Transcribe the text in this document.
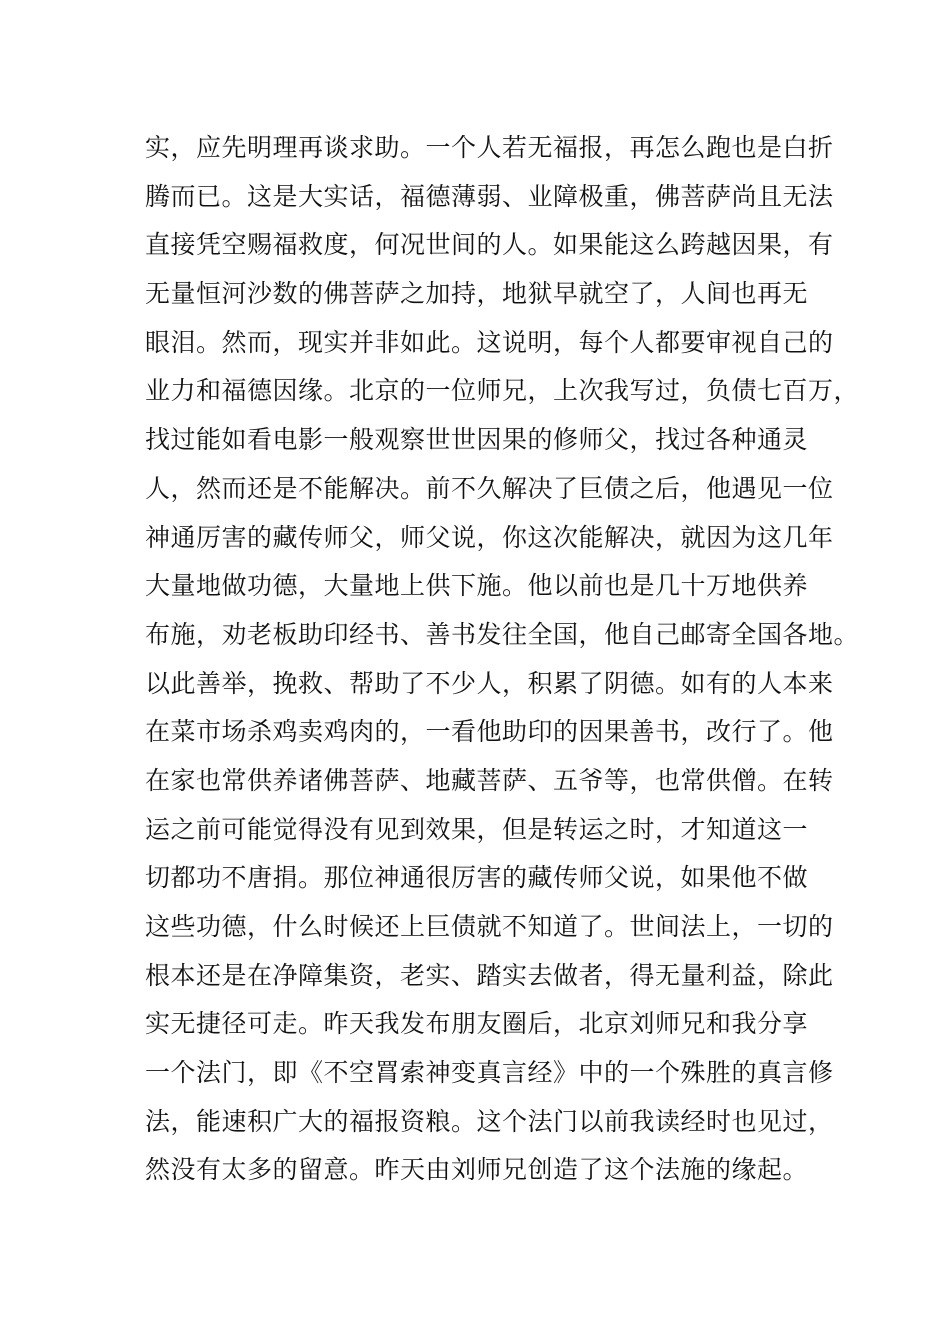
实，应先明理再谈求助。一个人若无福报，再怎么跑也是白折
腾而已。这是大实话，福德薄弱、业障极重，佛菩萨尚且无法
直接凭空赐福救度，何况世间的人。如果能这么跨越因果，有
无量恒河沙数的佛菩萨之加持，地狱早就空了，人间也再无
眼泪。然而，现实并非如此。这说明，每个人都要审视自己的
业力和福德因缘。北京的一位师兄，上次我写过，负债七百万，
找过能如看电影一般观察世世因果的修师父，找过各种通灵
人，然而还是不能解决。前不久解决了巨债之后，他遇见一位
神通厉害的藏传师父，师父说，你这次能解决，就因为这几年
大量地做功德，大量地上供下施。他以前也是几十万地供养
布施，劝老板助印经书、善书发往全国，他自己邮寄全国各地。
以此善举，挽救、帮助了不少人，积累了阴德。如有的人本来
在菜市场杀鸡卖鸡肉的，一看他助印的因果善书，改行了。他
在家也常供养诸佛菩萨、地藏菩萨、五爷等，也常供僧。在转
运之前可能觉得没有见到效果，但是转运之时，才知道这一
切都功不唐捐。那位神通很厉害的藏传师父说，如果他不做
这些功德，什么时候还上巨债就不知道了。世间法上，一切的
根本还是在净障集资，老实、踏实去做者，得无量利益，除此
实无捷径可走。昨天我发布朋友圈后，北京刘师兄和我分享
一个法门，即《不空罥索神变真言经》中的一个殊胜的真言修
法，能速积广大的福报资粮。这个法门以前我读经时也见过，
然没有太多的留意。昨天由刘师兄创造了这个法施的缘起。
